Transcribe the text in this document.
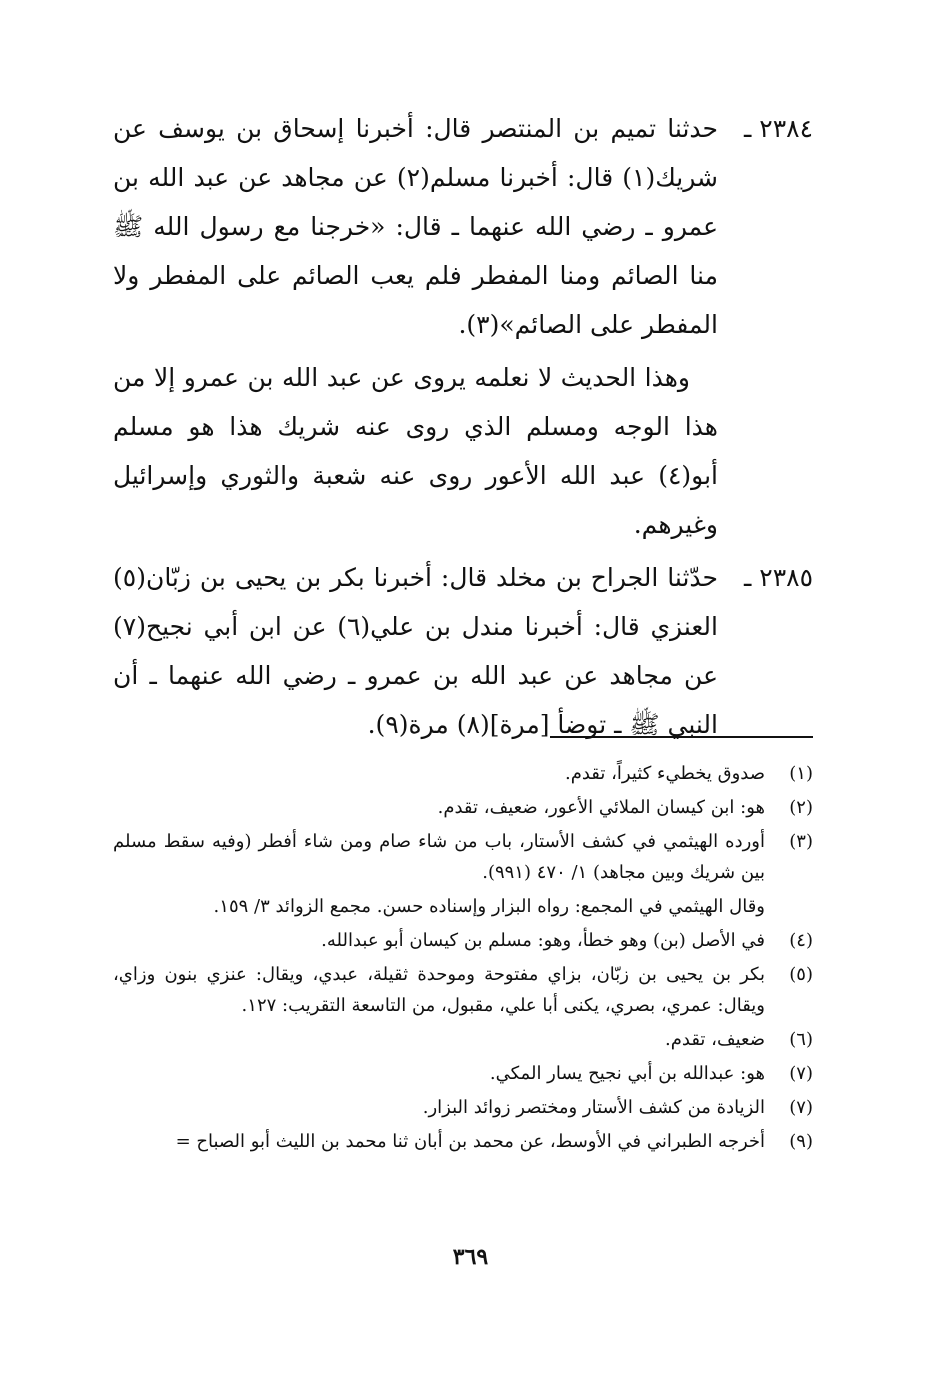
٢٣٨٤ ـ
حدثنا تميم بن المنتصر قال: أخبرنا إسحاق بن يوسف عن شريك(١) قال: أخبرنا مسلم(٢) عن مجاهد عن عبد الله بن عمرو ـ رضي الله عنهما ـ قال: «خرجنا مع رسول الله ﷺ منا الصائم ومنا المفطر فلم يعب الصائم على المفطر ولا المفطر على الصائم»(٣).
وهذا الحديث لا نعلمه يروى عن عبد الله بن عمرو إلا من هذا الوجه ومسلم الذي روى عنه شريك هذا هو مسلم أبو(٤) عبد الله الأعور روى عنه شعبة والثوري وإسرائيل وغيرهم.
٢٣٨٥ ـ
حدّثنا الجراح بن مخلد قال: أخبرنا بكر بن يحيى بن زبّان(٥) العنزي قال: أخبرنا مندل بن علي(٦) عن ابن أبي نجيح(٧) عن مجاهد عن عبد الله بن عمرو ـ رضي الله عنهما ـ أن النبي ﷺ ـ توضأ [مرة](٨) مرة(٩).
(١)
صدوق يخطيء كثيراً، تقدم.
(٢)
هو: ابن كيسان الملائي الأعور، ضعيف، تقدم.
(٣)
أورده الهيثمي في كشف الأستار، باب من شاء صام ومن شاء أفطر (وفيه سقط مسلم بين شريك وبين مجاهد) ١/ ٤٧٠ (٩٩١).
وقال الهيثمي في المجمع: رواه البزار وإسناده حسن. مجمع الزوائد ٣/ ١٥٩.
(٤)
في الأصل (بن) وهو خطأ، وهو: مسلم بن كيسان أبو عبدالله.
(٥)
بكر بن يحيى بن زبّان، بزاي مفتوحة وموحدة ثقيلة، عبدي، ويقال: عنزي بنون وزاي، ويقال: عمري، بصري، يكنى أبا علي، مقبول، من التاسعة التقريب: ١٢٧.
(٦)
ضعيف، تقدم.
(٧)
هو: عبدالله بن أبي نجيح يسار المكي.
(٧)
الزيادة من كشف الأستار ومختصر زوائد البزار.
(٩)
أخرجه الطبراني في الأوسط، عن محمد بن أبان ثنا محمد بن الليث أبو الصباح =
٣٦٩
